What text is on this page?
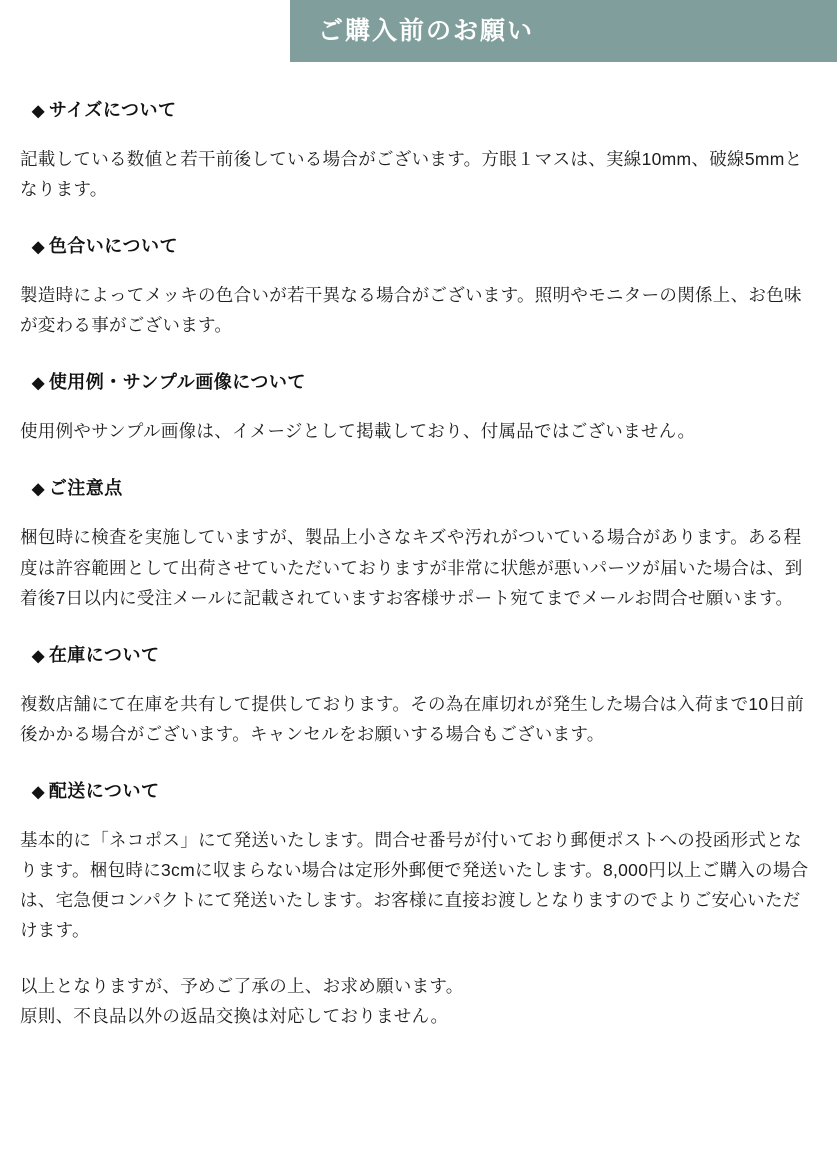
ご購入前のお願い

◆ サイズについて

記載している数値と若干前後している場合がございます。方眼１マスは、実線10mm、破線5mmとなります。

◆ 色合いについて

製造時によってメッキの色合いが若干異なる場合がございます。照明やモニターの関係上、お色味が変わる事がございます。

◆ 使用例・サンプル画像について

使用例やサンプル画像は、イメージとして掲載しており、付属品ではございません。

◆ ご注意点

梱包時に検査を実施していますが、製品上小さなキズや汚れがついている場合があります。ある程度は許容範囲として出荷させていただいておりますが非常に状態が悪いパーツが届いた場合は、到着後7日以内に受注メールに記載されていますお客様サポート宛てまでメールお問合せ願います。

◆ 在庫について

複数店舗にて在庫を共有して提供しております。その為在庫切れが発生した場合は入荷まで10日前後かかる場合がございます。キャンセルをお願いする場合もございます。

◆ 配送について

基本的に「ネコポス」にて発送いたします。問合せ番号が付いており郵便ポストへの投函形式となります。梱包時に3cmに収まらない場合は定形外郵便で発送いたします。8,000円以上ご購入の場合は、宅急便コンパクトにて発送いたします。お客様に直接お渡しとなりますのでよりご安心いただけます。

以上となりますが、予めご了承の上、お求め願います。

原則、不良品以外の返品交換は対応しておりません。
